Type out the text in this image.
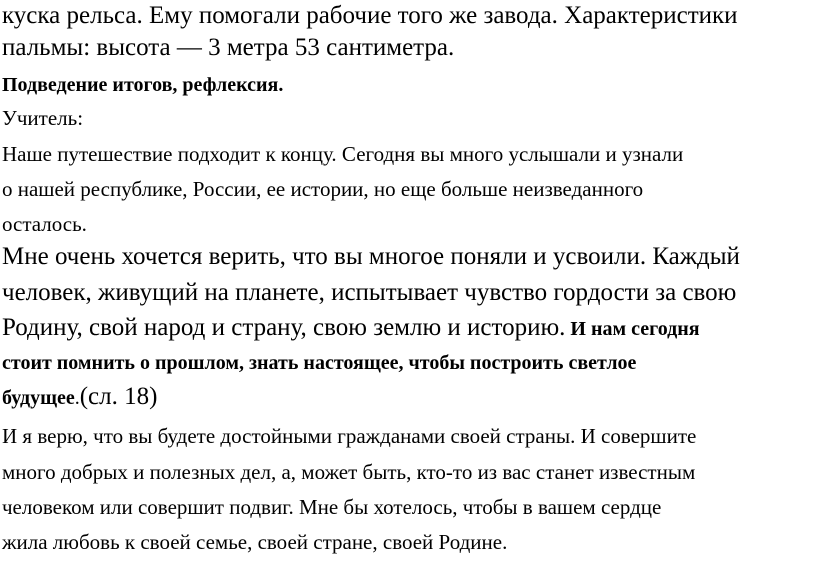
куска рельса. Ему помогали рабочие того же завода. Характеристики

пальмы: высота — 3 метра 53 сантиметра.

Подведение итогов, рефлексия.

Учитель:

Наше путешествие подходит к концу. Сегодня вы много услышали и узнали

о нашей республике, России, ее истории, но еще больше неизведанного

осталось.

Мне очень хочется верить, что вы многое поняли и усвоили. Каждый

человек, живущий на планете, испытывает чувство гордости за свою

Родину, свой народ и страну, свою землю и историю. И нам сегодня

стоит помнить о прошлом, знать настоящее, чтобы построить светлое

будущее.(сл. 18)

И я верю, что вы будете достойными гражданами своей страны. И совершите

много добрых и полезных дел, а, может быть, кто-то из вас станет известным

человеком или совершит подвиг. Мне бы хотелось, чтобы в вашем сердце

жила любовь к своей семье, своей стране, своей Родине.
